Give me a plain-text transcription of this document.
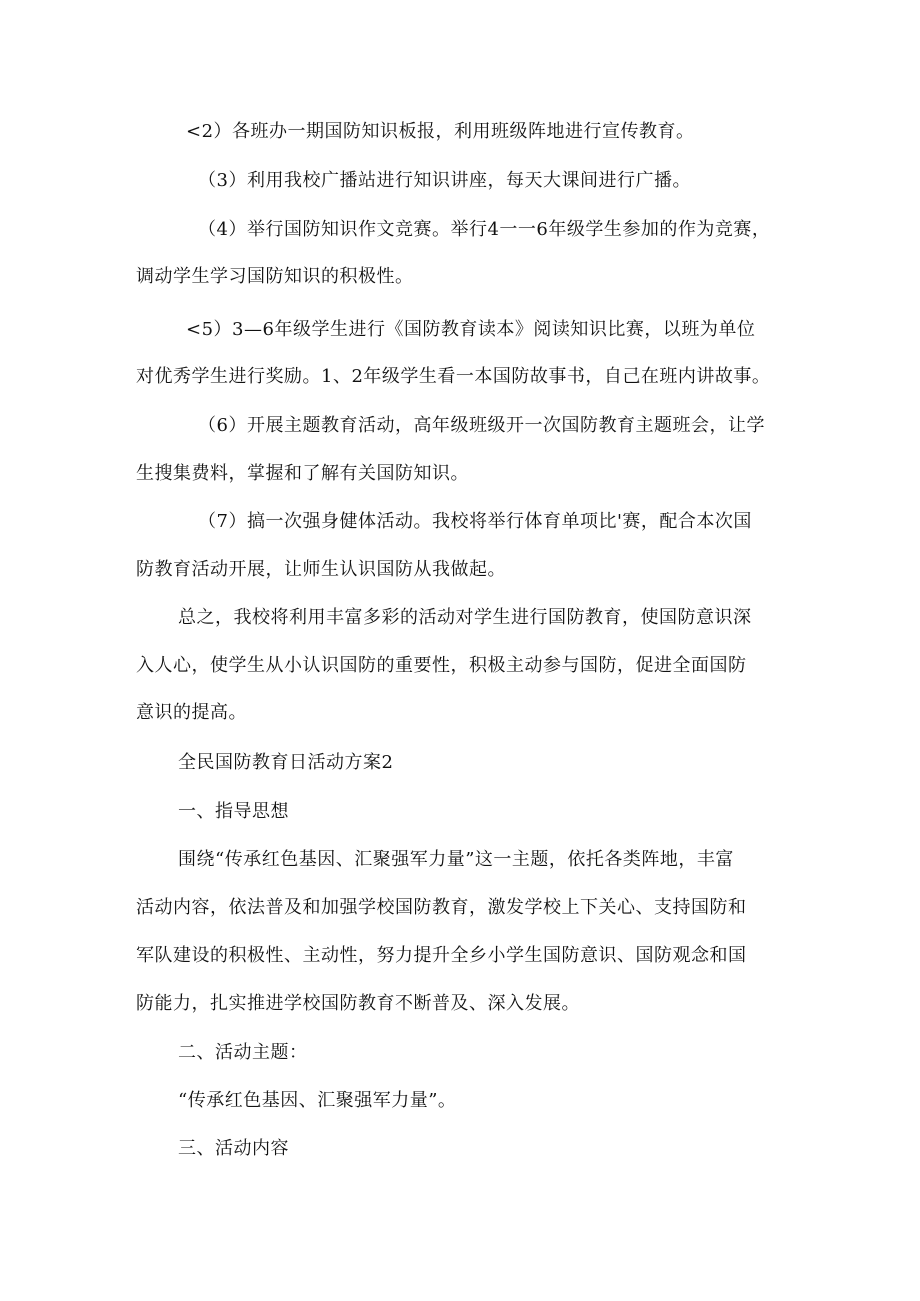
<2）各班办一期国防知识板报，利用班级阵地进行宣传教育。
（3）利用我校广播站进行知识讲座，每天大课间进行广播。
（4）举行国防知识作文竞赛。举行4一一6年级学生参加的作为竞赛，
调动学生学习国防知识的积极性。
<5）3—6年级学生进行《国防教育读本》阅读知识比赛，以班为单位
对优秀学生进行奖励。1、2年级学生看一本国防故事书，自己在班内讲故事。
（6）开展主题教育活动，高年级班级开一次国防教育主题班会，让学
生搜集费料，掌握和了解有关国防知识。
（7）搞一次强身健体活动。我校将举行体育单项比'赛，配合本次国
防教育活动开展，让师生认识国防从我做起。
总之，我校将利用丰富多彩的活动对学生进行国防教育，使国防意识深
入人心，使学生从小认识国防的重要性，积极主动参与国防，促进全面国防
意识的提高。
全民国防教育日活动方案2
一、指导思想
围绕“传承红色基因、汇聚强军力量”这一主题，依托各类阵地，丰富
活动内容，依法普及和加强学校国防教育，激发学校上下关心、支持国防和
军队建设的积极性、主动性，努力提升全乡小学生国防意识、国防观念和国
防能力，扎实推进学校国防教育不断普及、深入发展。
二、活动主题：
“传承红色基因、汇聚强军力量”。
三、活动内容
